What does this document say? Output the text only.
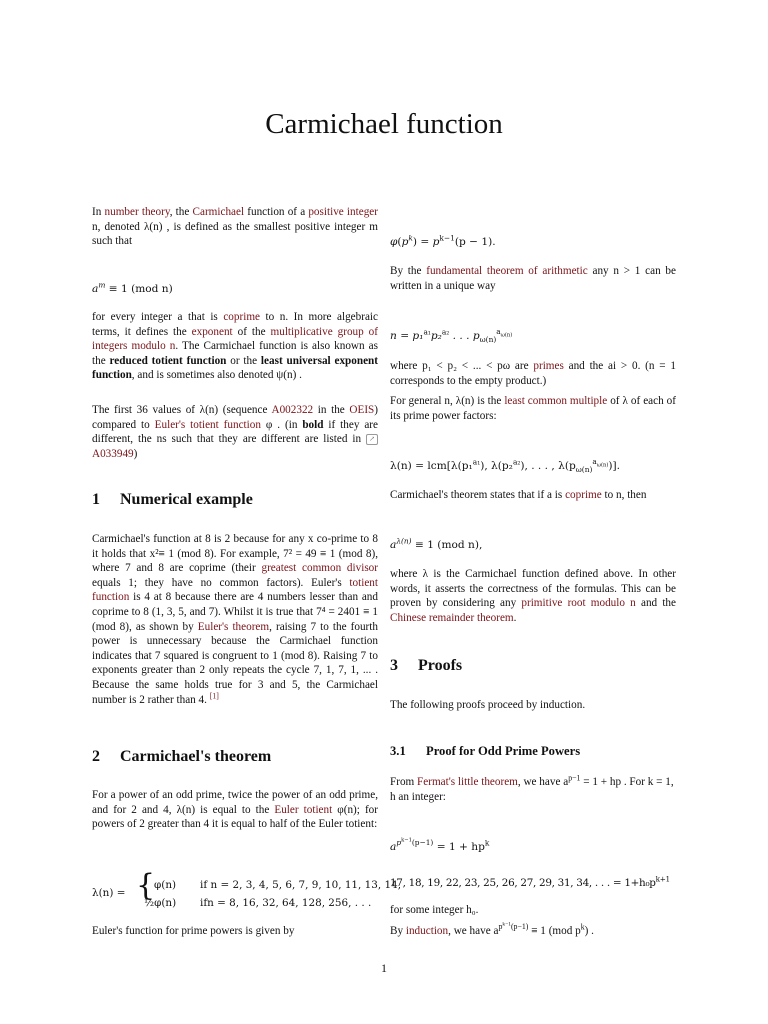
Carmichael function
In number theory, the Carmichael function of a positive integer n, denoted λ(n) , is defined as the smallest positive integer m such that
$a^m \equiv 1$ (mod n)
for every integer a that is coprime to n. In more algebraic terms, it defines the exponent of the multiplicative group of integers modulo n. The Carmichael function is also known as the reduced totient function or the least universal exponent function, and is sometimes also denoted ψ(n) .
The first 36 values of λ(n) (sequence A002322 in the OEIS) compared to Euler's totient function φ . (in bold if they are different, the ns such that they are different are listed in ↗ A033949)
1 Numerical example
Carmichael's function at 8 is 2 because for any x co-prime to 8 it holds that x²≡ 1 (mod 8). For example, 7² = 49 ≡ 1 (mod 8), where 7 and 8 are coprime (their greatest common divisor equals 1; they have no common factors). Euler's totient function is 4 at 8 because there are 4 numbers lesser than and coprime to 8 (1, 3, 5, and 7). Whilst it is true that 7⁴ = 2401 ≡ 1 (mod 8), as shown by Euler's theorem, raising 7 to the fourth power is unnecessary because the Carmichael function indicates that 7 squared is congruent to 1 (mod 8). Raising 7 to exponents greater than 2 only repeats the cycle 7, 1, 7, 1, ... . Because the same holds true for 3 and 5, the Carmichael number is 2 rather than 4. [1]
2 Carmichael's theorem
For a power of an odd prime, twice the power of an odd prime, and for 2 and 4, λ(n) is equal to the Euler totient φ(n); for powers of 2 greater than 4 it is equal to half of the Euler totient:
λ(n) = {
φ(n) if n = 2, 3, 4, 5, 6, 7, 9, 10, 11, 13, 14,
½φ(n) ifn = 8, 16, 32, 64, 128, 256, . . .
17, 18, 19, 22, 23, 25, 26, 27, 29, 31, 34, . . . = $1+h_0p^{k+1}$
Euler's function for prime powers is given by
$\varphi(p^k) = p^{k-1}(p - 1)$.
By the fundamental theorem of arithmetic any n > 1 can be written in a unique way
n = p₁$^{a_1}$p₂$^{a_2}$ . . . $p_{\omega(n)}^{a_{\omega(n)}}$
where p₁ < p₂ < ... < pω are primes and the ai > 0. (n = 1 corresponds to the empty product.)
For general n, λ(n) is the least common multiple of λ of each of its prime power factors:
λ(n) = lcm[λ(p₁$^{a_1}$), λ(p₂$^{a_2}$), . . . , $\lambda(p_{\omega(n)}^{a_{\omega(n)}})$].
Carmichael's theorem states that if a is coprime to n, then
$a^{\lambda(n)} \equiv 1$ (mod n),
where λ is the Carmichael function defined above. In other words, it asserts the correctness of the formulas. This can be proven by considering any primitive root modulo n and the Chinese remainder theorem.
3 Proofs
The following proofs proceed by induction.
3.1 Proof for Odd Prime Powers
From Fermat's little theorem, we have $a^{p-1} = 1$ + hp . For k = 1, h an integer:
$a^{p^{k-1}(p-1)} = 1 + hp^k$
for some integer h₀.
By induction, we have $a^{p^{k-1}(p-1)} \equiv 1$ (mod $p^k$) .
1
